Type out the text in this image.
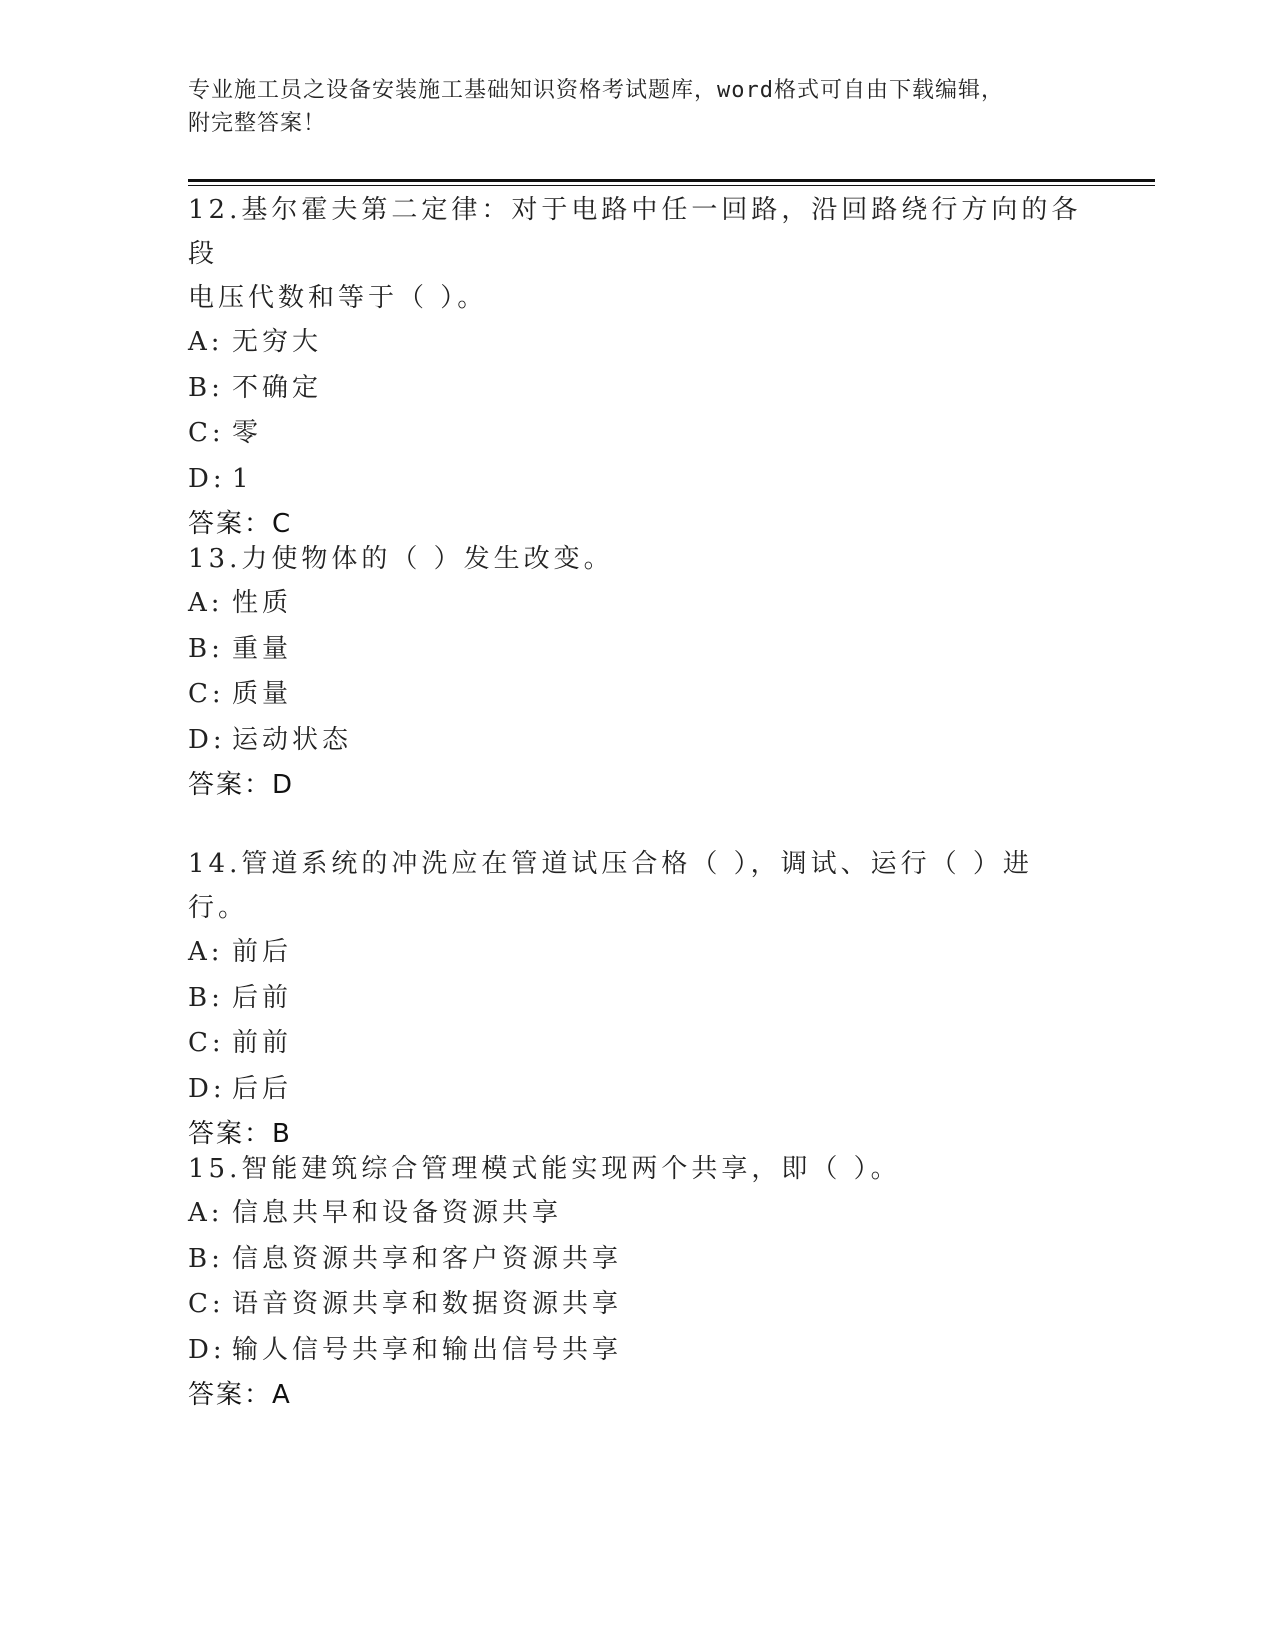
专业施工员之设备安装施工基础知识资格考试题库，word格式可自由下载编辑，
附完整答案！

12.基尔霍夫第二定律：对于电路中任一回路，沿回路绕行方向的各段
电压代数和等于（ ）。

A: 无穷大
B: 不确定
C: 零
D: 1
答案：C

13.力使物体的（ ）发生改变。

A: 性质
B: 重量
C: 质量
D: 运动状态
答案：D

14.管道系统的冲洗应在管道试压合格（ ），调试、运行（ ）进行。

A: 前后
B: 后前
C: 前前
D: 后后
答案：B

15.智能建筑综合管理模式能实现两个共享，即（ ）。

A: 信息共早和设备资源共享
B: 信息资源共享和客户资源共享
C: 语音资源共享和数据资源共享
D: 输人信号共享和输出信号共享
答案：A
